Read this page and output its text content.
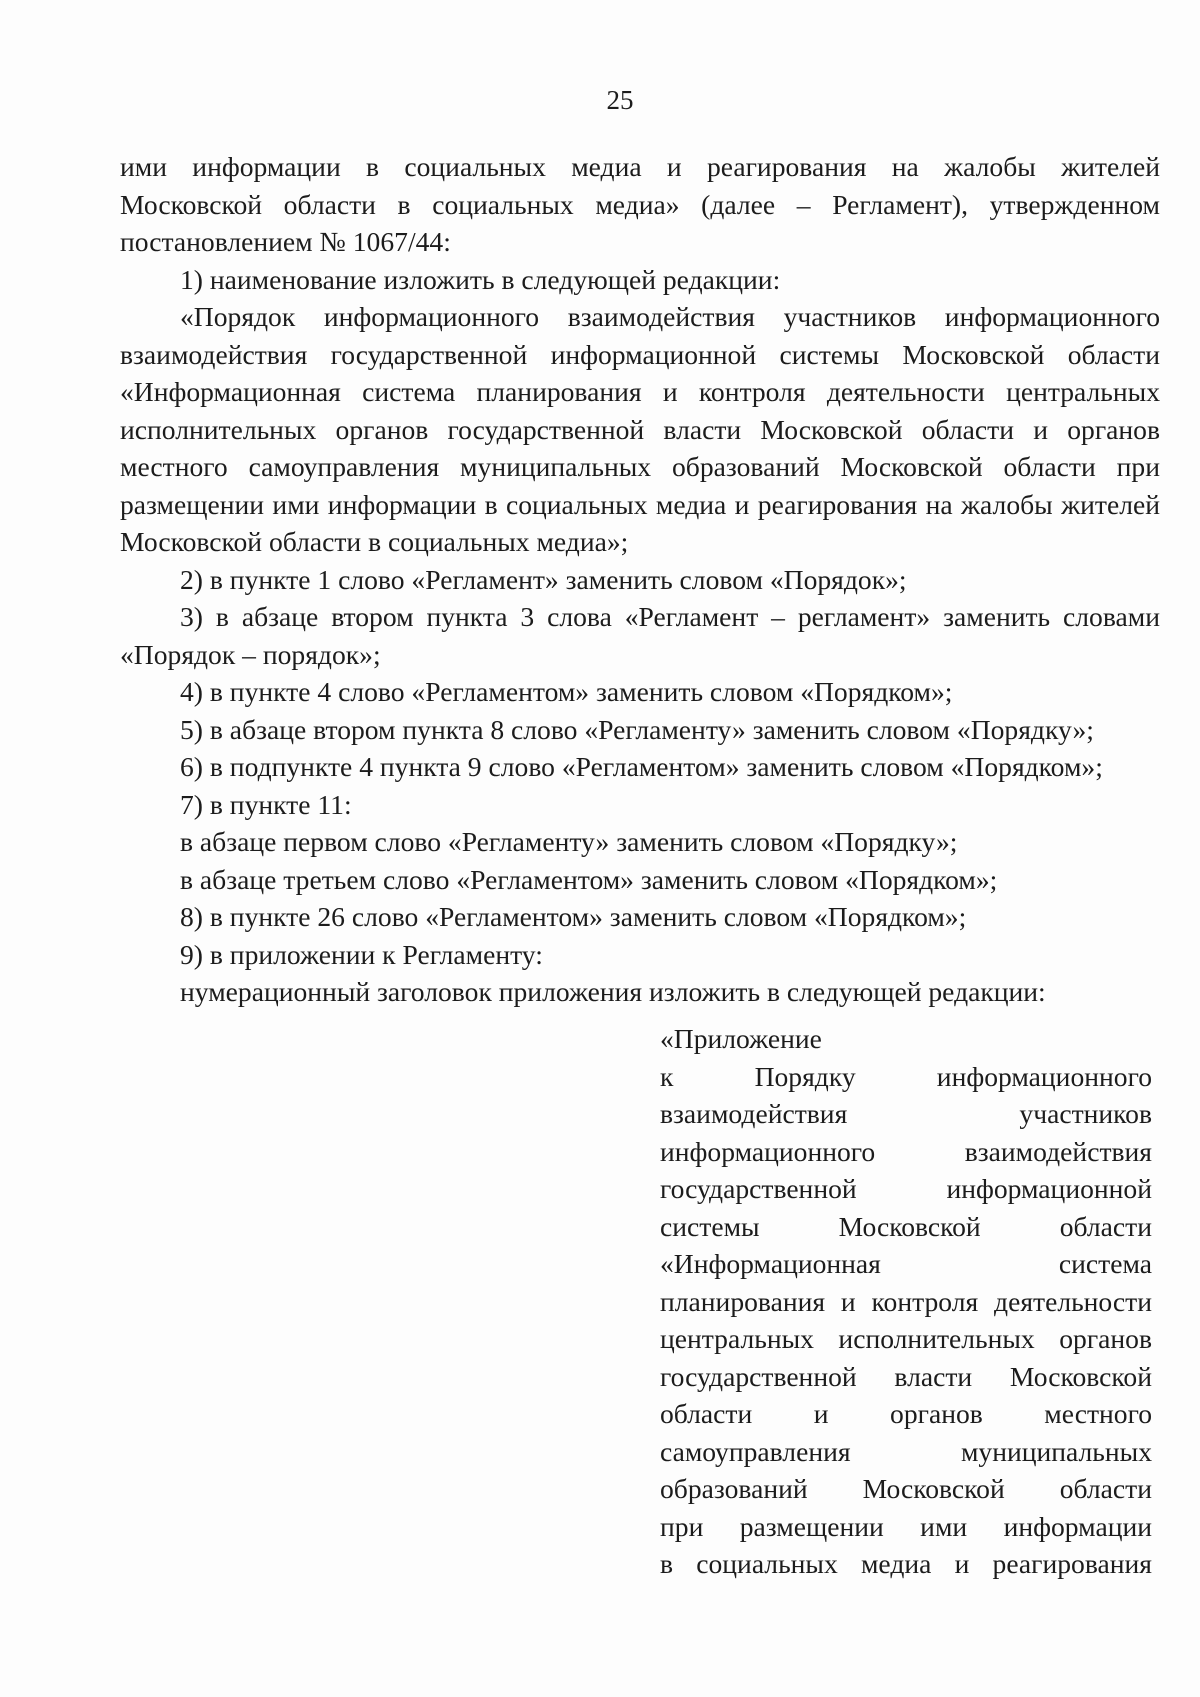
25

ими информации в социальных медиа и реагирования на жалобы жителей

Московской области в социальных медиа» (далее – Регламент), утвержденном

постановлением № 1067/44:

1) наименование изложить в следующей редакции:

«Порядок информационного взаимодействия участников информационного взаимодействия государственной информационной системы Московской области «Информационная система планирования и контроля деятельности центральных исполнительных органов государственной власти Московской области и органов местного самоуправления муниципальных образований Московской области при размещении ими информации в социальных медиа и реагирования на жалобы жителей Московской области в социальных медиа»;

2) в пункте 1 слово «Регламент» заменить словом «Порядок»;

3) в абзаце втором пункта 3 слова «Регламент – регламент» заменить словами «Порядок – порядок»;

4) в пункте 4 слово «Регламентом» заменить словом «Порядком»;

5) в абзаце втором пункта 8 слово «Регламенту» заменить словом «Порядку»;

6) в подпункте 4 пункта 9 слово «Регламентом» заменить словом «Порядком»;

7) в пункте 11:

в абзаце первом слово «Регламенту» заменить словом «Порядку»;

в абзаце третьем слово «Регламентом» заменить словом «Порядком»;

8) в пункте 26 слово «Регламентом» заменить словом «Порядком»;

9) в приложении к Регламенту:

нумерационный заголовок приложения изложить в следующей редакции:

«Приложение

к Порядку информационного

взаимодействия участников

информационного взаимодействия

государственной информационной

системы Московской области

«Информационная система

планирования и контроля деятельности

центральных исполнительных органов

государственной власти Московской

области и органов местного

самоуправления муниципальных

образований Московской области

при размещении ими информации

в социальных медиа и реагирования
